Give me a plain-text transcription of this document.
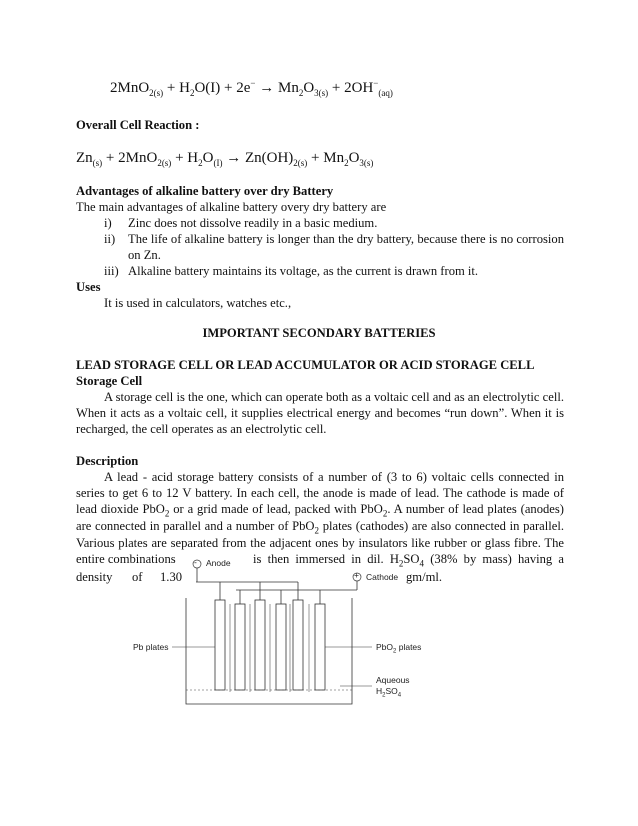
$2MnO_{2(s)} + H_2O(I) + 2e^- \to Mn_2O_{3(s)} + 2OH^-_{(aq)}$
Overall Cell Reaction :
$Zn_{(s)} + 2MnO_{2(s)} + H_2O_{(I)} \to Zn(OH)_{2(s)} + Mn_2O_{3(s)}$
Advantages of alkaline battery over dry Battery
The main advantages of alkaline battery overy dry battery are
i) Zinc does not dissolve readily in a basic medium.
ii) The life of alkaline battery is longer than the dry battery, because there is no corrosion
on Zn.
iii) Alkaline battery maintains its voltage, as the current is drawn from it.
Uses
It is used in calculators, watches etc.,
IMPORTANT SECONDARY BATTERIES
LEAD STORAGE CELL OR LEAD ACCUMULATOR OR ACID STORAGE CELL
Storage Cell
A storage cell is the one, which can operate both as a voltaic cell and as an electrolytic cell.
When it acts as a voltaic cell, it supplies electrical energy and becomes “run down”. When it is
recharged, the cell operates as an electrolytic cell.
Description
A lead - acid storage battery consists of a number of (3 to 6) voltaic cells connected in
series to get 6 to 12 V battery. In each cell, the anode is made of lead. The cathode is made of
lead dioxide PbO$_2$ or a grid made of lead, packed with PbO$_2$. A number of lead plates (anodes)
are connected in parallel and a number of PbO$_2$ plates (cathodes) are also connected in parallel.
Various plates are separated from the adjacent ones by insulators like rubber or glass fibre. The
entire combinations	is then immersed in dil. $H_2SO_4$ (38% by mass) having a
density of 1.30	gm/ml.
- Anode
+ Cathode
Pb plates	PbO$_2$ plates
Aqueous
$H_2SO_4$
